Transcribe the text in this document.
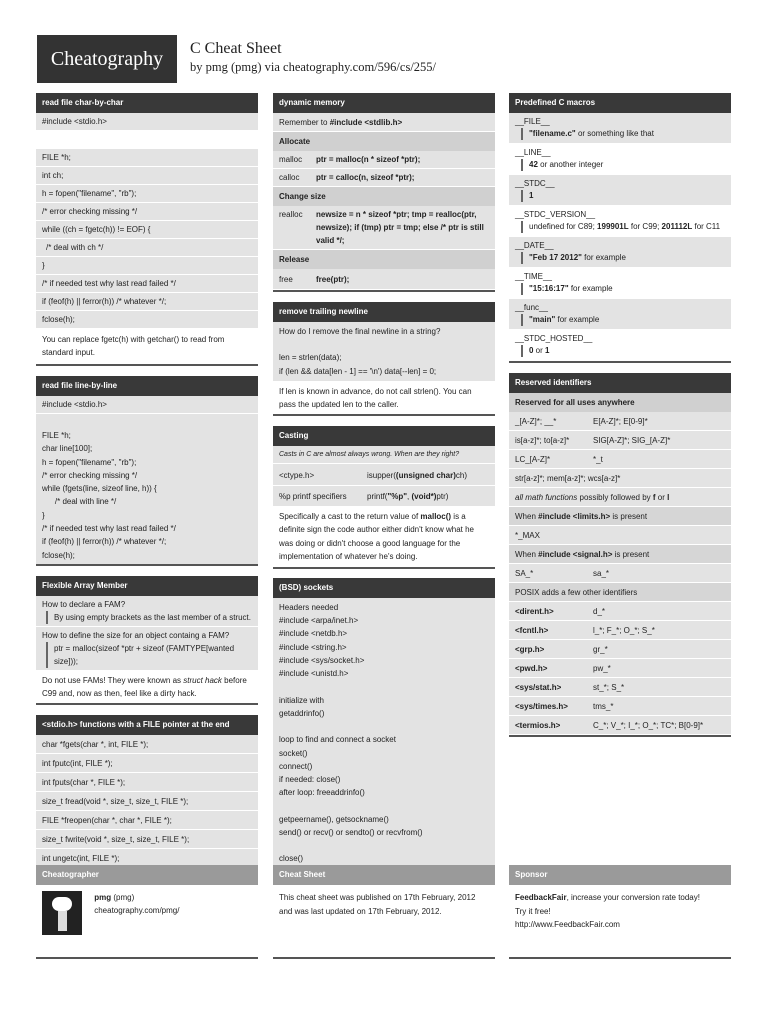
Cheatography	C Cheat Sheet
by pmg (pmg) via cheatography.com/596/cs/255/
read file char-by-char
#include <stdio.h>
FILE *h;
int ch;
h = fopen("filename", "rb");
/* error checking missing */
while ((ch = fgetc(h)) != EOF) {
/* deal with ch */
}
/* if needed test why last read failed */
if (feof(h) || ferror(h)) /* whatever */;
fclose(h);
You can replace fgetc(h) with getchar() to read from standard input.
read file line-by-line
#include <stdio.h>
FILE *h;
char line[100];
h = fopen("filename", "rb");
/* error checking missing */
while (fgets(line, sizeof line, h)) {
/* deal with line */
}
/* if needed test why last read failed */
if (feof(h) || ferror(h)) /* whatever */;
fclose(h);
Flexible Array Member
How to declare a FAM?
By using empty brackets as the last member of a struct.
How to define the size for an object containg a FAM?
ptr = malloc(sizeof *ptr + sizeof (FAMTYPE[wanted size]));
Do not use FAMs! They were known as struct hack before C99 and, now as then, feel like a dirty hack.
<stdio.h> functions with a FILE pointer at the end
char *fgets(char *, int, FILE *);
int fputc(int, FILE *);
int fputs(char *, FILE *);
size_t fread(void *, size_t, size_t, FILE *);
FILE *freopen(char *, char *, FILE *);
size_t fwrite(void *, size_t, size_t, FILE *);
int ungetc(int, FILE *);
dynamic memory
Remember to #include <stdlib.h>
Allocate
malloc	ptr = malloc(n * sizeof *ptr);
calloc	ptr = calloc(n, sizeof *ptr);
Change size
realloc	newsize = n * sizeof *ptr; tmp = realloc(ptr, newsize); if (tmp) ptr = tmp; else /* ptr is still valid */;
Release
free	free(ptr);
remove trailing newline
How do I remove the final newline in a string?
len = strlen(data);
if (len && data[len - 1] == '\n') data[--len] = 0;
If len is known in advance, do not call strlen(). You can pass the updated len to the caller.
Casting
Casts in C are almost always wrong. When are they right?
<ctype.h>	isupper((unsigned char)ch)
%p printf specifiers	printf("%p", (void*)ptr)
Specifically a cast to the return value of malloc() is a definite sign the code author either didn't know what he was doing or didn't choose a good language for the implementation of whatever he's doing.
(BSD) sockets
Headers needed
#include <arpa/inet.h>
#include <netdb.h>
#include <string.h>
#include <sys/socket.h>
#include <unistd.h>
initialize with
getaddrinfo()
loop to find and connect a socket
socket()
connect()
if needed: close()
after loop: freeaddrinfo()
getpeername(), getsockname()
send() or recv() or sendto() or recvfrom()
close()
Predefined C macros
__FILE__
"filename.c" or something like that
__LINE__
42 or another integer
__STDC__
1
__STDC_VERSION__
undefined for C89; 199901L for C99; 201112L for C11
__DATE__
"Feb 17 2012" for example
__TIME__
"15:16:17" for example
__func__
"main" for example
__STDC_HOSTED__
0 or 1
Reserved identifiers
Reserved for all uses anywhere
_[A-Z]*; __*	E[A-Z]*; E[0-9]*
is[a-z]*; to[a-z]*	SIG[A-Z]*; SIG_[A-Z]*
LC_[A-Z]*	*_t
str[a-z]*; mem[a-z]*; wcs[a-z]*
all math functions possibly followed by f or l
When #include <limits.h> is present
*_MAX
When #include <signal.h> is present
SA_*	sa_*
POSIX adds a few other identifiers
<dirent.h>	d_*
<fcntl.h>	l_*; F_*; O_*; S_*
<grp.h>	gr_*
<pwd.h>	pw_*
<sys/stat.h>	st_*; S_*
<sys/times.h>	tms_*
<termios.h>	C_*; V_*; I_*; O_*; TC*; B[0-9]*
Cheatographer

pmg (pmg)
cheatography.com/pmg/
Cheat Sheet
This cheat sheet was published on 17th February, 2012 and was last updated on 17th February, 2012.
Sponsor
FeedbackFair, increase your conversion rate today!
Try it free!
http://www.FeedbackFair.com
